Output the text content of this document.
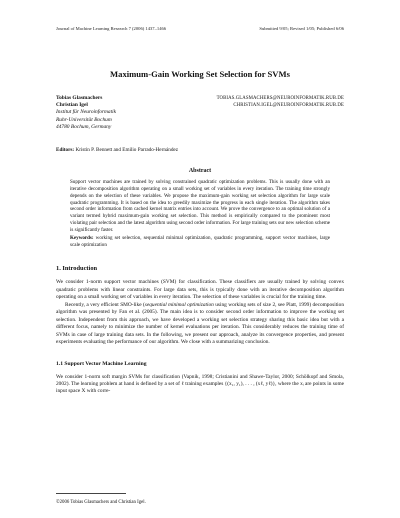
Journal of Machine Learning Research 7 (2006) 1437–1466	Submitted 9/05; Revised 1/05; Published 6/06
Maximum-Gain Working Set Selection for SVMs
Tobias Glasmachers	TOBIAS.GLASMACHERS@NEUROINFORMATIK.RUB.DE
Christian Igel	CHRISTIAN.IGEL@NEUROINFORMATIK.RUB.DE
Institut für Neuroinformatik
Ruhr-Universität Bochum
44780 Bochum, Germany
Editors: Kristin P. Bennett and Emilio Parrado-Hernández
Abstract
Support vector machines are trained by solving constrained quadratic optimization problems. This is usually done with an iterative decomposition algorithm operating on a small working set of variables in every iteration. The training time strongly depends on the selection of these variables. We propose the maximum-gain working set selection algorithm for large scale quadratic programming. It is based on the idea to greedily maximize the progress in each single iteration. The algorithm takes second order information from cached kernel matrix entries into account. We prove the convergence to an optimal solution of a variant termed hybrid maximum-gain working set selection. This method is empirically compared to the prominent most violating pair selection and the latest algorithm using second order information. For large training sets our new selection scheme is significantly faster.
Keywords: working set selection, sequential minimal optimization, quadratic programming, support vector machines, large scale optimization
1. Introduction
We consider 1-norm support vector machines (SVM) for classification. These classifiers are usually trained by solving convex quadratic problems with linear constraints. For large data sets, this is typically done with an iterative decomposition algorithm operating on a small working set of variables in every iteration. The selection of these variables is crucial for the training time.
Recently, a very efficient SMO-like (sequential minimal optimization using working sets of size 2, see Platt, 1999) decomposition algorithm was presented by Fan et al. (2005). The main idea is to consider second order information to improve the working set selection. Independent from this approach, we have developed a working set selection strategy sharing this basic idea but with a different focus, namely to minimize the number of kernel evaluations per iteration. This considerably reduces the training time of SVMs in case of large training data sets. In the following, we present our approach, analyze its convergence properties, and present experiments evaluating the performance of our algorithm. We close with a summarizing conclusion.
1.1 Support Vector Machine Learning
We consider 1-norm soft margin SVMs for classification (Vapnik, 1998; Cristianini and Shawe-Taylor, 2000; Schölkopf and Smola, 2002). The learning problem at hand is defined by a set of ℓ training examples {(x₁, y₁), . . . , (xℓ, yℓ)}, where the xᵢ are points in some input space X with corre-
©2006 Tobias Glasmachers and Christian Igel.
